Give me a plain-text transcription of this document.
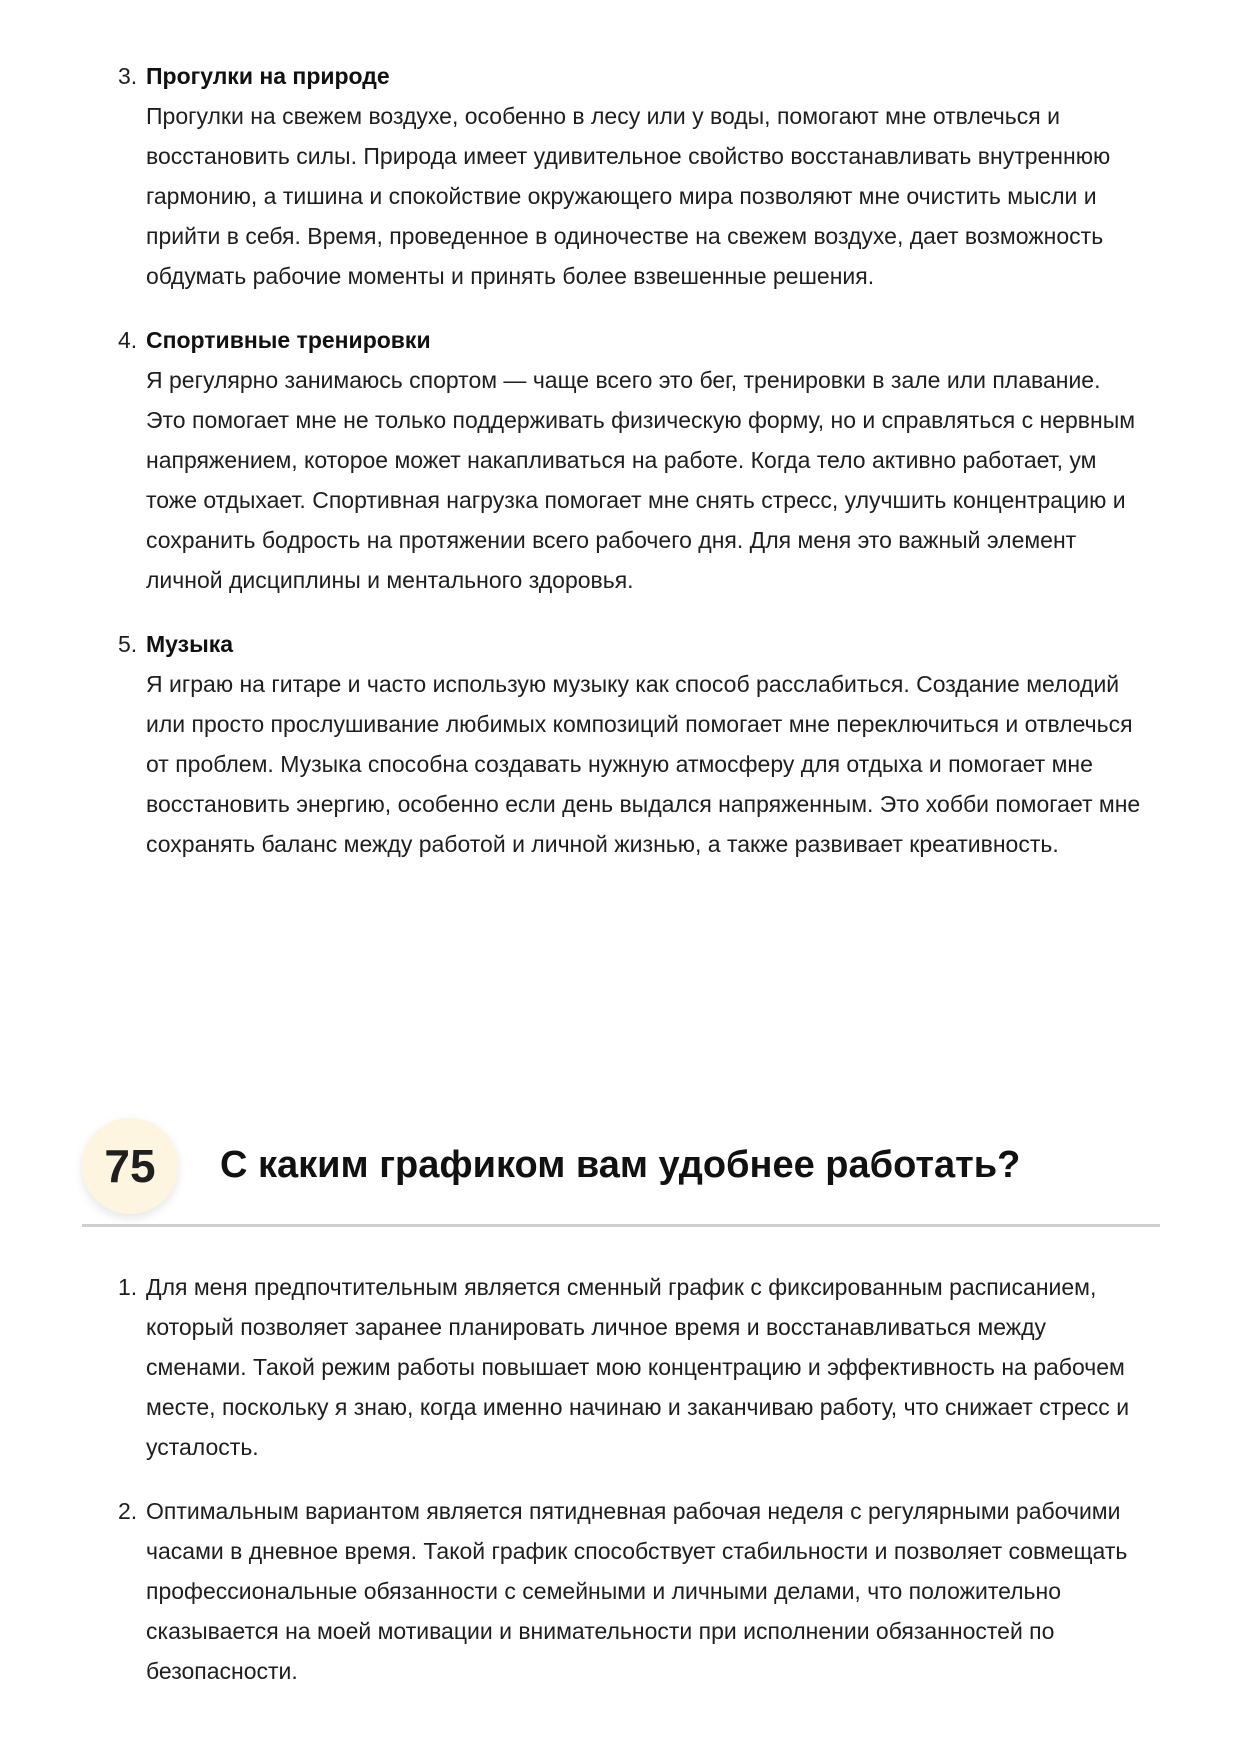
3. Прогулки на природе
Прогулки на свежем воздухе, особенно в лесу или у воды, помогают мне отвлечься и восстановить силы. Природа имеет удивительное свойство восстанавливать внутреннюю гармонию, а тишина и спокойствие окружающего мира позволяют мне очистить мысли и прийти в себя. Время, проведенное в одиночестве на свежем воздухе, дает возможность обдумать рабочие моменты и принять более взвешенные решения.
4. Спортивные тренировки
Я регулярно занимаюсь спортом — чаще всего это бег, тренировки в зале или плавание. Это помогает мне не только поддерживать физическую форму, но и справляться с нервным напряжением, которое может накапливаться на работе. Когда тело активно работает, ум тоже отдыхает. Спортивная нагрузка помогает мне снять стресс, улучшить концентрацию и сохранить бодрость на протяжении всего рабочего дня. Для меня это важный элемент личной дисциплины и ментального здоровья.
5. Музыка
Я играю на гитаре и часто использую музыку как способ расслабиться. Создание мелодий или просто прослушивание любимых композиций помогает мне переключиться и отвлечься от проблем. Музыка способна создавать нужную атмосферу для отдыха и помогает мне восстановить энергию, особенно если день выдался напряженным. Это хобби помогает мне сохранять баланс между работой и личной жизнью, а также развивает креативность.
75	С каким графиком вам удобнее работать?
1. Для меня предпочтительным является сменный график с фиксированным расписанием, который позволяет заранее планировать личное время и восстанавливаться между сменами. Такой режим работы повышает мою концентрацию и эффективность на рабочем месте, поскольку я знаю, когда именно начинаю и заканчиваю работу, что снижает стресс и усталость.
2. Оптимальным вариантом является пятидневная рабочая неделя с регулярными рабочими часами в дневное время. Такой график способствует стабильности и позволяет совмещать профессиональные обязанности с семейными и личными делами, что положительно сказывается на моей мотивации и внимательности при исполнении обязанностей по безопасности.
